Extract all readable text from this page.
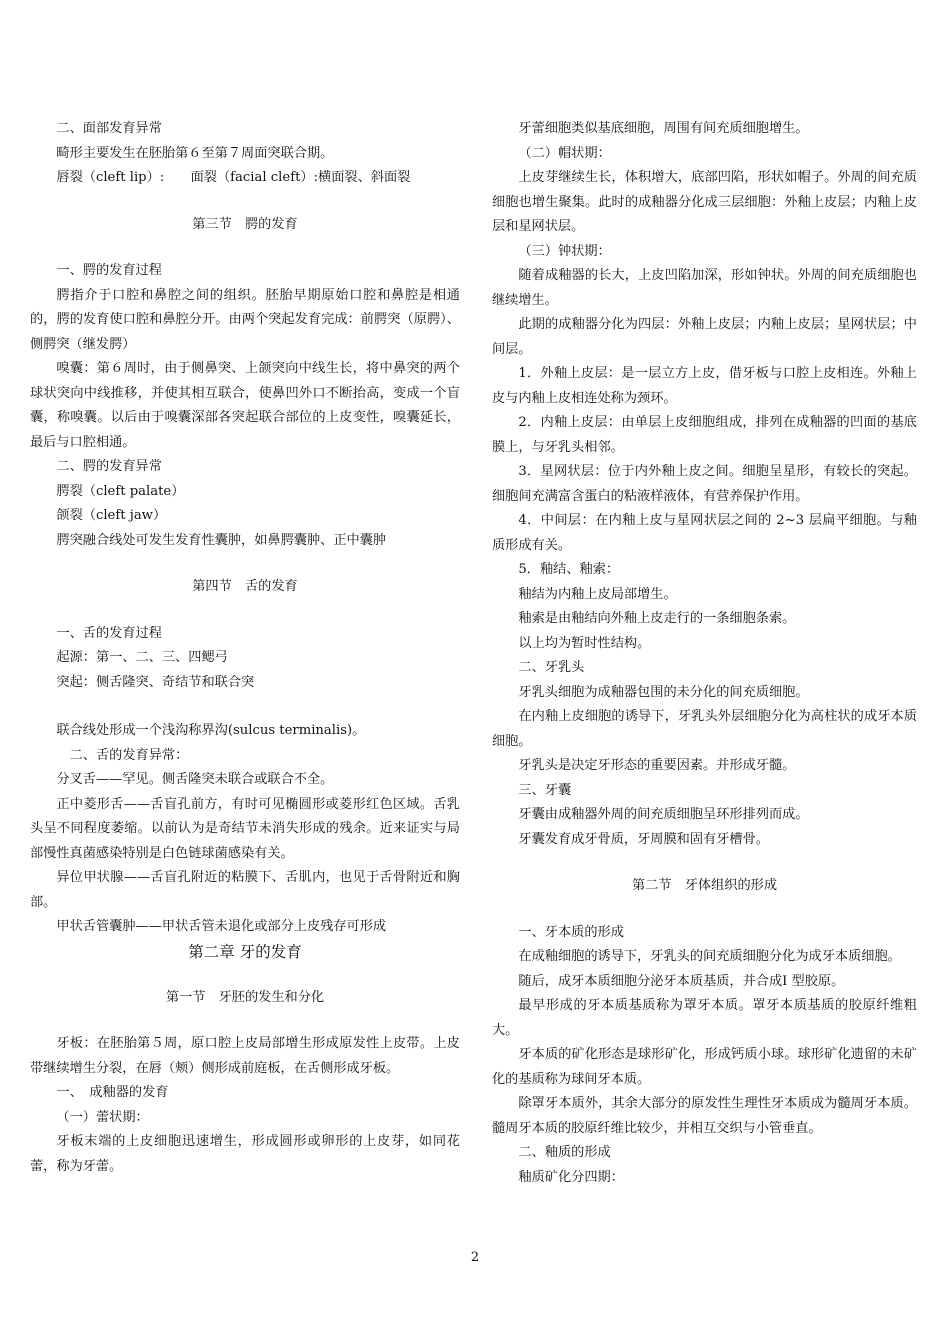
二、面部发育异常
畸形主要发生在胚胎第６至第７周面突联合期。
唇裂（cleft lip）:　　面裂（facial cleft）:横面裂、斜面裂
第三节　腭的发育
一、腭的发育过程
腭指介于口腔和鼻腔之间的组织。胚胎早期原始口腔和鼻腔是相通的，腭的发育使口腔和鼻腔分开。由两个突起发育完成：前腭突（原腭）、侧腭突（继发腭）
嗅囊：第６周时，由于侧鼻突、上颌突向中线生长，将中鼻突的两个球状突向中线推移，并使其相互联合，使鼻凹外口不断抬高，变成一个盲囊，称嗅囊。以后由于嗅囊深部各突起联合部位的上皮变性，嗅囊延长，最后与口腔相通。
二、腭的发育异常
腭裂（cleft palate）
颌裂（cleft jaw）
腭突融合线处可发生发育性囊肿，如鼻腭囊肿、正中囊肿
第四节　舌的发育
一、舌的发育过程
起源：第一、二、三、四鳃弓
突起：侧舌隆突、奇结节和联合突
联合线处形成一个浅沟称界沟(sulcus terminalis)。
　二、舌的发育异常：
分叉舌——罕见。侧舌隆突未联合或联合不全。
正中菱形舌——舌盲孔前方，有时可见椭圆形或菱形红色区域。舌乳头呈不同程度萎缩。以前认为是奇结节未消失形成的残余。近来证实与局部慢性真菌感染特别是白色链球菌感染有关。
异位甲状腺——舌盲孔附近的粘膜下、舌肌内，也见于舌骨附近和胸部。
甲状舌管囊肿——甲状舌管未退化或部分上皮残存可形成
第二章 牙的发育
第一节　牙胚的发生和分化
牙板：在胚胎第５周，原口腔上皮局部增生形成原发性上皮带。上皮带继续增生分裂，在唇（颊）侧形成前庭板，在舌侧形成牙板。
一、　成釉器的发育
（一）蕾状期：
牙板末端的上皮细胞迅速增生，形成圆形或卵形的上皮芽，如同花蕾，称为牙蕾。
牙蕾细胞类似基底细胞，周围有间充质细胞增生。
（二）帽状期：
上皮芽继续生长，体积增大，底部凹陷，形状如帽子。外周的间充质细胞也增生聚集。此时的成釉器分化成三层细胞：外釉上皮层；内釉上皮层和星网状层。
（三）钟状期：
随着成釉器的长大，上皮凹陷加深，形如钟状。外周的间充质细胞也继续增生。
此期的成釉器分化为四层：外釉上皮层；内釉上皮层；星网状层；中间层。
1．外釉上皮层：是一层立方上皮，借牙板与口腔上皮相连。外釉上皮与内釉上皮相连处称为颈环。
2．内釉上皮层：由单层上皮细胞组成，排列在成釉器的凹面的基底膜上，与牙乳头相邻。
3．星网状层：位于内外釉上皮之间。细胞呈星形，有较长的突起。细胞间充满富含蛋白的粘液样液体，有营养保护作用。
4．中间层：在内釉上皮与星网状层之间的 2~3 层扁平细胞。与釉质形成有关。
5．釉结、釉索：
釉结为内釉上皮局部增生。
釉索是由釉结向外釉上皮走行的一条细胞条索。
以上均为暂时性结构。
二、牙乳头
牙乳头细胞为成釉器包围的未分化的间充质细胞。
在内釉上皮细胞的诱导下，牙乳头外层细胞分化为高柱状的成牙本质细胞。
牙乳头是决定牙形态的重要因素。并形成牙髓。
三、牙囊
牙囊由成釉器外周的间充质细胞呈环形排列而成。
牙囊发育成牙骨质，牙周膜和固有牙槽骨。
第二节　牙体组织的形成
一、牙本质的形成
在成釉细胞的诱导下，牙乳头的间充质细胞分化为成牙本质细胞。
随后，成牙本质细胞分泌牙本质基质，并合成I 型胶原。
最早形成的牙本质基质称为罩牙本质。罩牙本质基质的胶原纤维粗大。
牙本质的矿化形态是球形矿化，形成钙质小球。球形矿化遗留的未矿化的基质称为球间牙本质。
除罩牙本质外，其余大部分的原发性生理性牙本质成为髓周牙本质。髓周牙本质的胶原纤维比较少，并相互交织与小管垂直。
二、釉质的形成
釉质矿化分四期：
2
